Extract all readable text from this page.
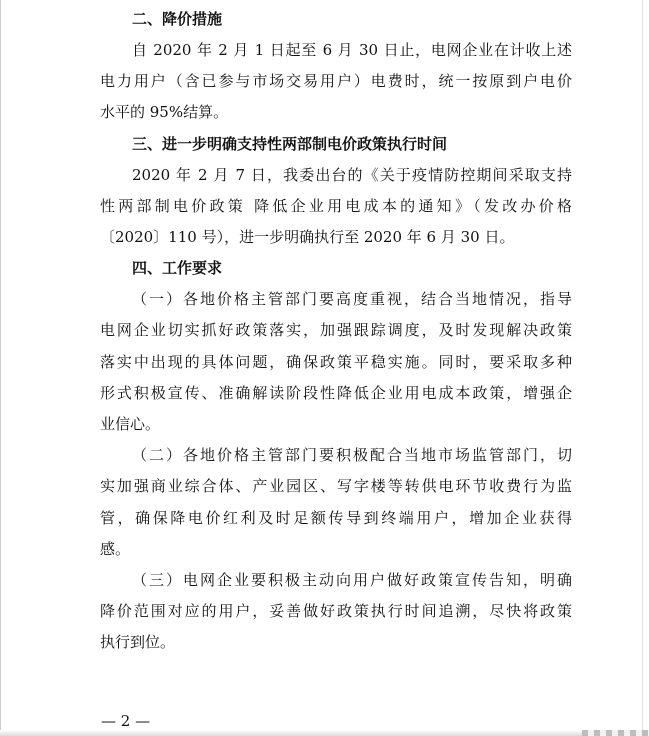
二、降价措施

自 2020 年 2 月 1 日起至 6 月 30 日止，电网企业在计收上述
电力用户（含已参与市场交易用户）电费时，统一按原到户电价
水平的 95%结算。

三、进一步明确支持性两部制电价政策执行时间

2020 年 2 月 7 日，我委出台的《关于疫情防控期间采取支持
性两部制电价政策 降低企业用电成本的通知》（发改办价格
〔2020〕110 号），进一步明确执行至 2020 年 6 月 30 日。

四、工作要求

（一）各地价格主管部门要高度重视，结合当地情况，指导
电网企业切实抓好政策落实，加强跟踪调度，及时发现解决政策
落实中出现的具体问题，确保政策平稳实施。同时，要采取多种
形式积极宣传、准确解读阶段性降低企业用电成本政策，增强企
业信心。

（二）各地价格主管部门要积极配合当地市场监管部门，切
实加强商业综合体、产业园区、写字楼等转供电环节收费行为监
管，确保降电价红利及时足额传导到终端用户，增加企业获得
感。

（三）电网企业要积极主动向用户做好政策宣传告知，明确
降价范围对应的用户，妥善做好政策执行时间追溯，尽快将政策
执行到位。

— 2 —
